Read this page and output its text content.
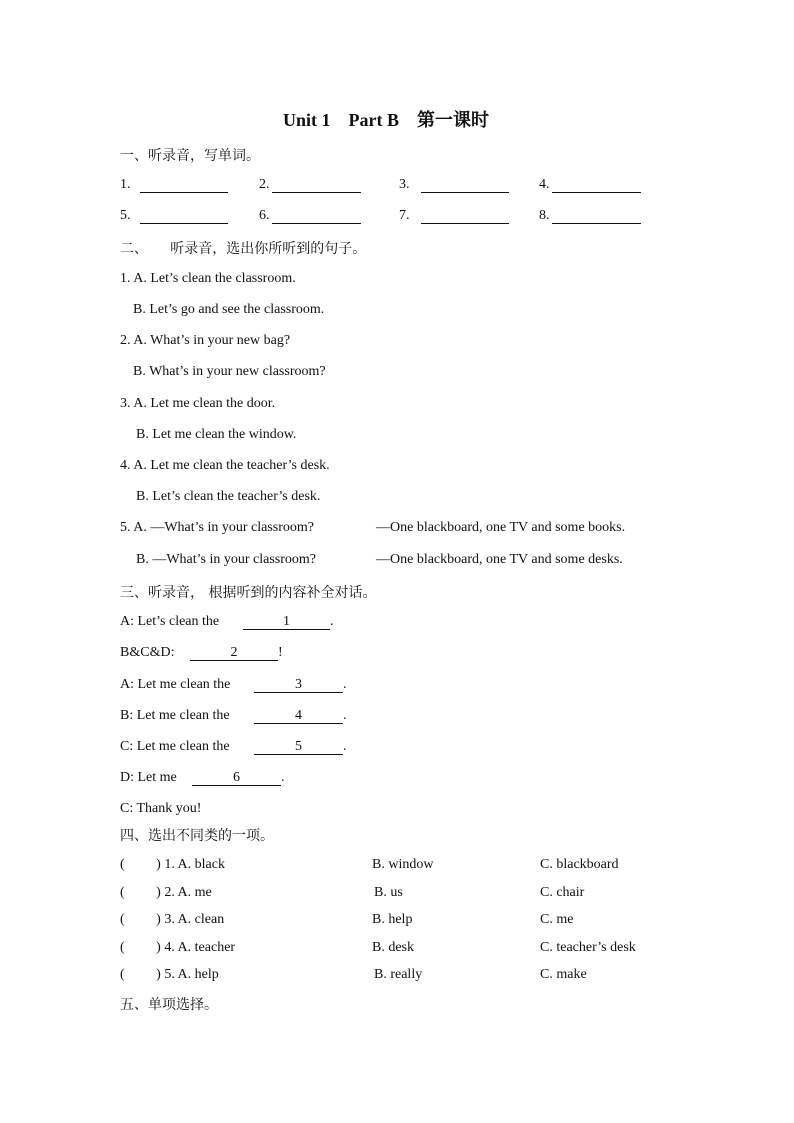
Unit 1    Part B    第一课时
一、听录音，写单词。
1.	2.	3.	4.
5.	6.	7.	8.
二、     听录音，选出你所听到的句子。
1. A. Let’s clean the classroom.
B. Let’s go and see the classroom.
2. A. What’s in your new bag?
B. What’s in your new classroom?
3. A. Let me clean the door.
B. Let me clean the window.
4. A. Let me clean the teacher’s desk.
B. Let’s clean the teacher’s desk.
5. A. —What’s in your classroom?	—One blackboard, one TV and some books.
B. —What’s in your classroom?	—One blackboard, one TV and some desks.
三、听录音， 根据听到的内容补全对话。
A: Let’s clean the	1	.
B&C&D:	2	!
A: Let me clean the	3	.
B: Let me clean the	4	.
C: Let me clean the	5	.
D: Let me	6	.
C: Thank you!
四、选出不同类的一项。
(         ) 1. A. black	B. window	C. blackboard
(         ) 2. A. me	B. us	C. chair
(         ) 3. A. clean	B. help	C. me
(         ) 4. A. teacher	B. desk	C. teacher’s desk
(         ) 5. A. help	B. really	C. make
五、单项选择。
